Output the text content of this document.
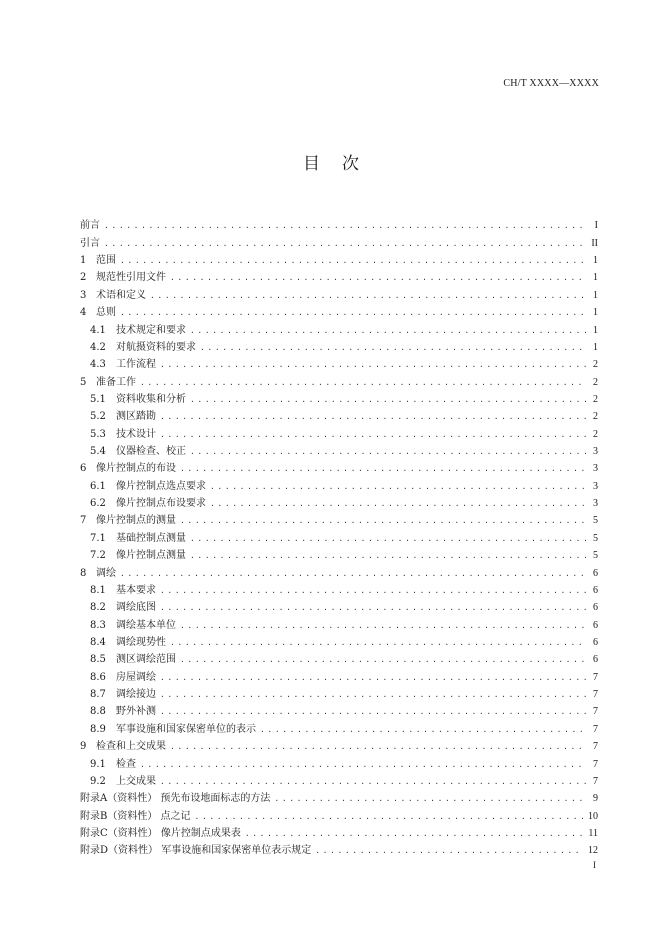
CH/T XXXX—XXXX
目次
前言 .....	I
引言 .....	II
1 范围 .....	1
2 规范性引用文件 .....	1
3 术语和定义 .....	1
4 总则 .....	1
4.1	技术规定和要求 .....	1
4.2	对航摄资料的要求 .....	1
4.3	工作流程 .....	2
5 准备工作 .....	2
5.1	资料收集和分析 .....	2
5.2	测区踏勘 .....	2
5.3	技术设计 .....	2
5.4	仪器检查、校正 .....	3
6 像片控制点的布设 .....	3
6.1	像片控制点选点要求 .....	3
6.2	像片控制点布设要求 .....	3
7 像片控制点的测量 .....	5
7.1	基础控制点测量 .....	5
7.2	像片控制点测量 .....	5
8 调绘 .....	6
8.1	基本要求 .....	6
8.2	调绘底图 .....	6
8.3	调绘基本单位 .....	6
8.4	调绘现势性 .....	6
8.5	测区调绘范围 .....	6
8.6	房屋调绘 .....	7
8.7	调绘接边 .....	7
8.8	野外补测 .....	7
8.9	军事设施和国家保密单位的表示 .....	7
9 检查和上交成果 .....	7
9.1	检查 .....	7
9.2	上交成果 .....	7
附录A（资料性） 预先布设地面标志的方法 .....	9
附录B（资料性） 点之记 .....	10
附录C（资料性） 像片控制点成果表 .....	11
附录D（资料性） 军事设施和国家保密单位表示规定 .....	12
I
